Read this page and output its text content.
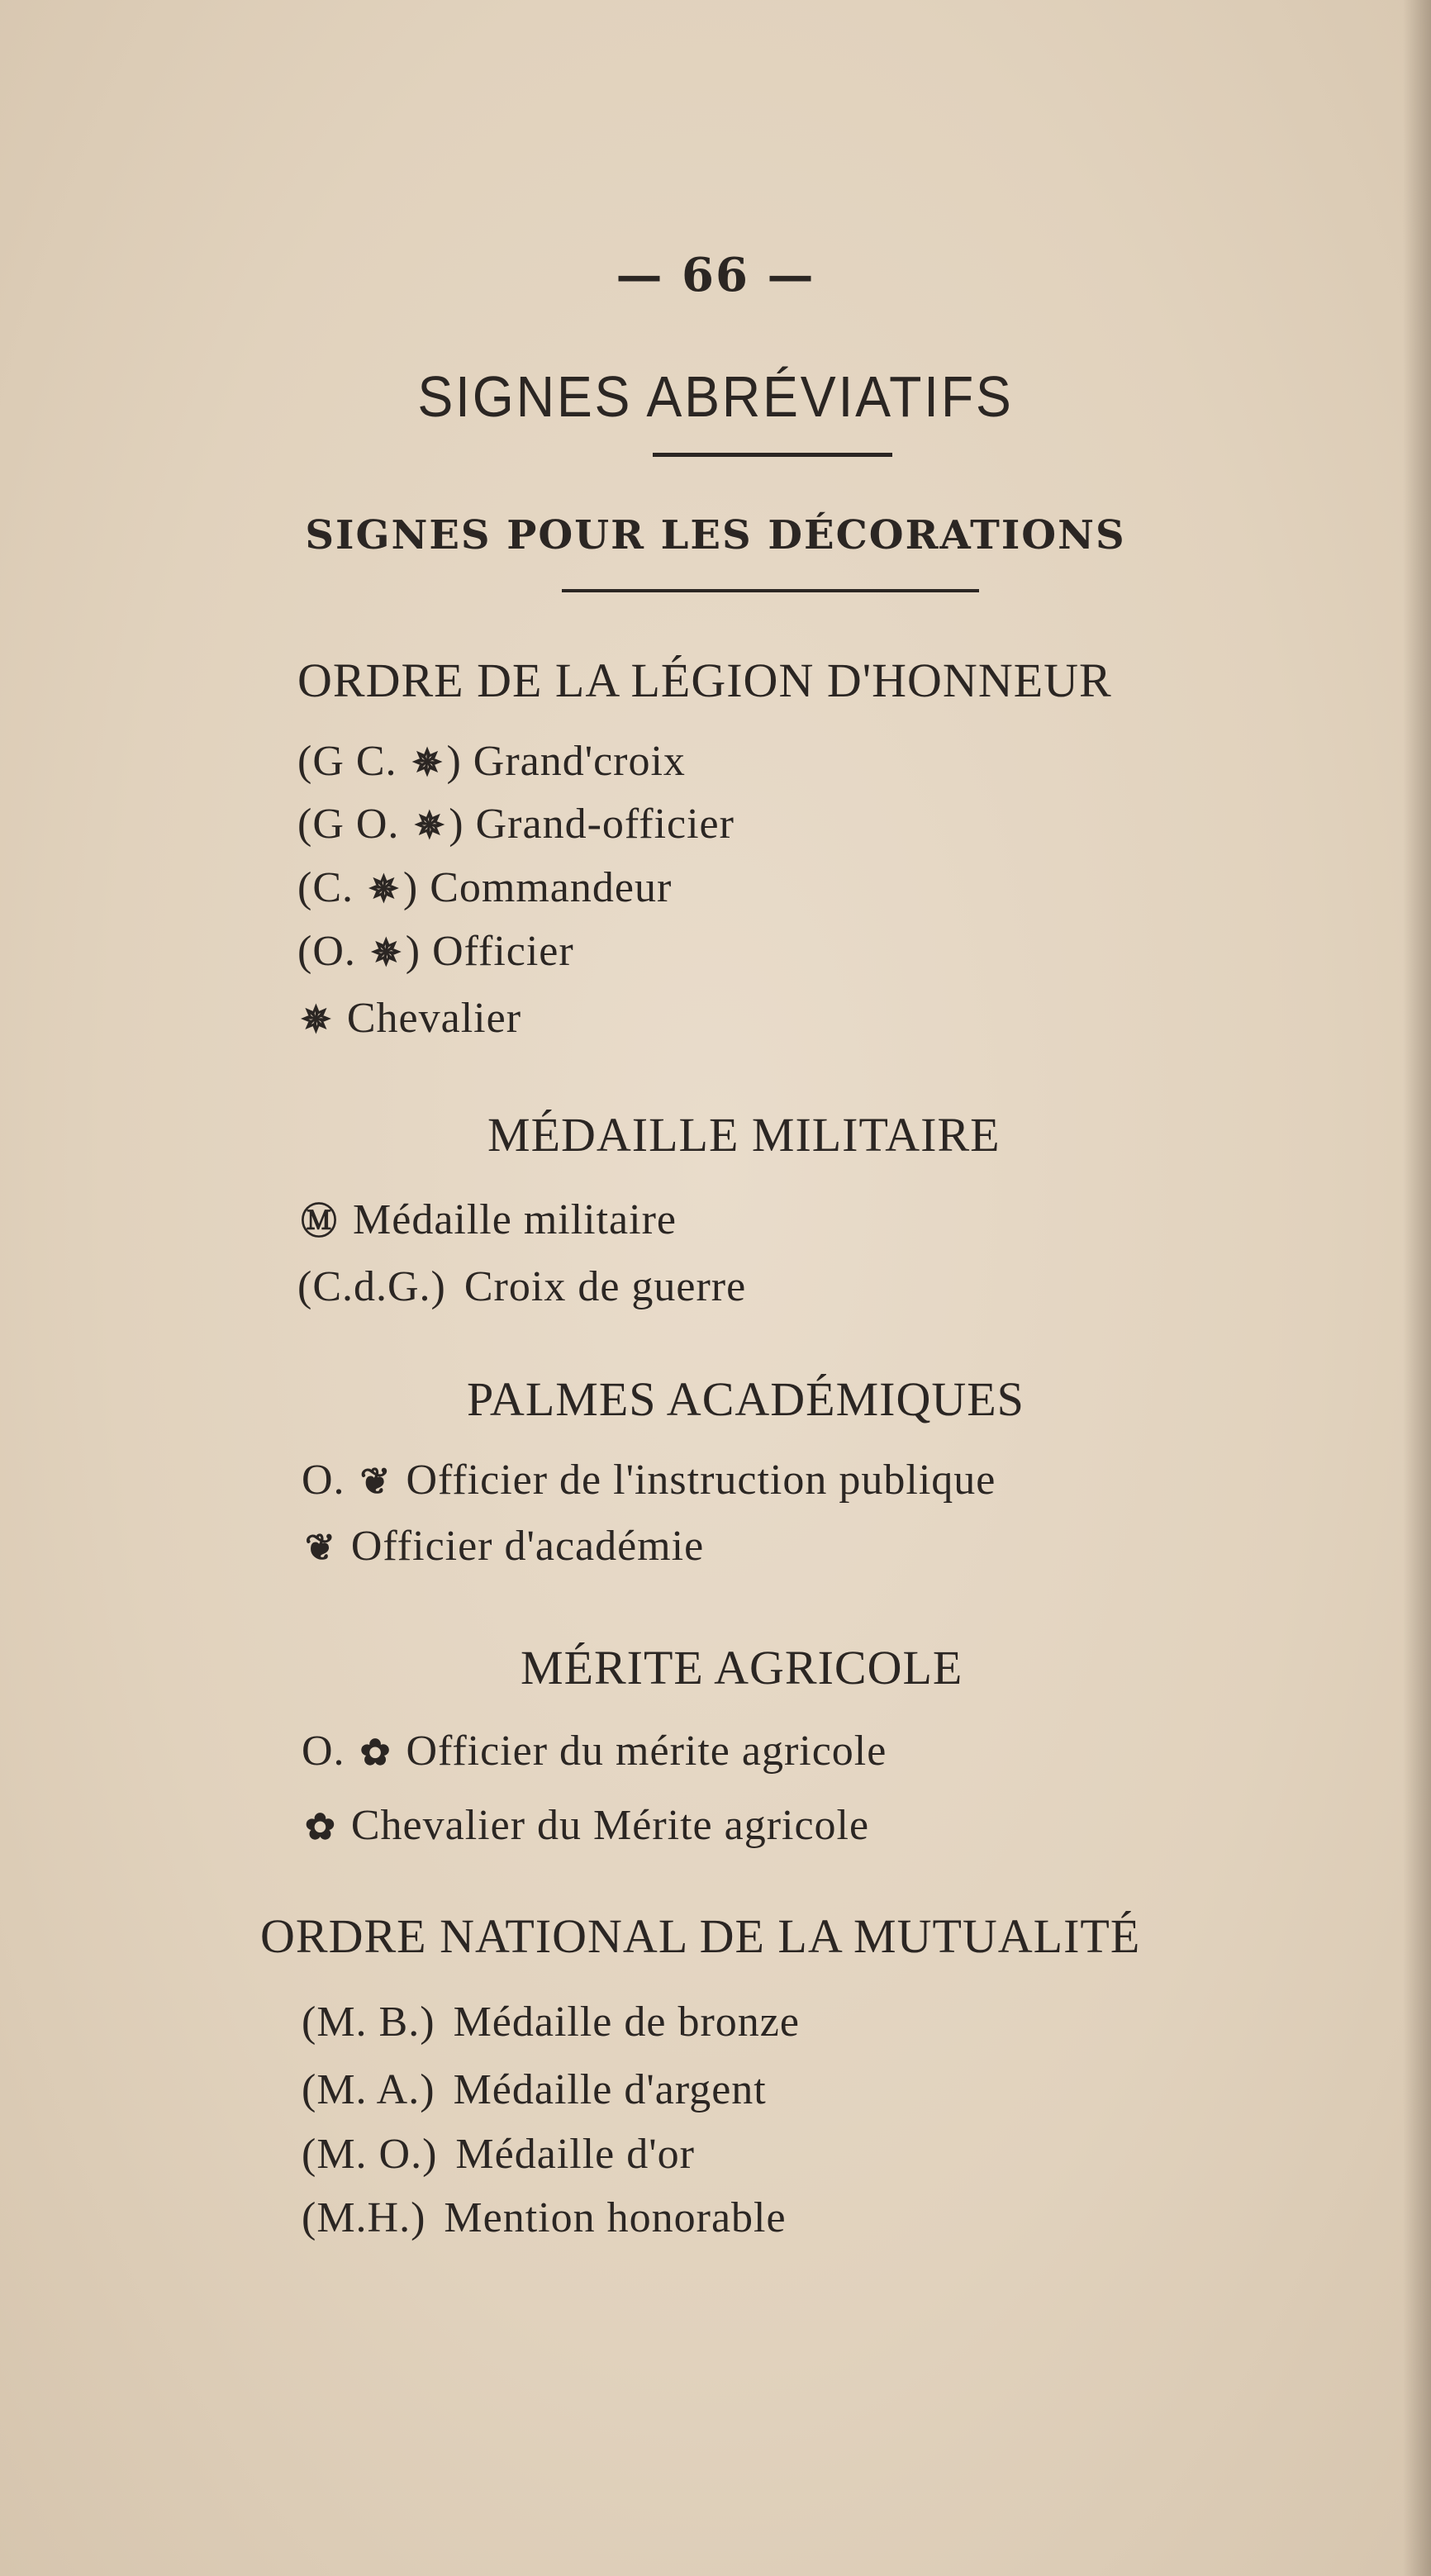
— 66 —
SIGNES ABRÉVIATIFS
SIGNES POUR LES DÉCORATIONS
ORDRE DE LA LÉGION D'HONNEUR
(G C. ✵) Grand'croix
(G O. ✵) Grand-officier
(C. ✵) Commandeur
(O. ✵) Officier
✵ Chevalier
MÉDAILLE MILITAIRE
Ⓜ Médaille militaire
(C.d.G.) Croix de guerre
PALMES ACADÉMIQUES
O. ❦ Officier de l'instruction publique
❦ Officier d'académie
MÉRITE AGRICOLE
O. ✿ Officier du mérite agricole
✿ Chevalier du Mérite agricole
ORDRE NATIONAL DE LA MUTUALITÉ
(M. B.) Médaille de bronze
(M. A.) Médaille d'argent
(M. O.) Médaille d'or
(M.H.) Mention honorable
